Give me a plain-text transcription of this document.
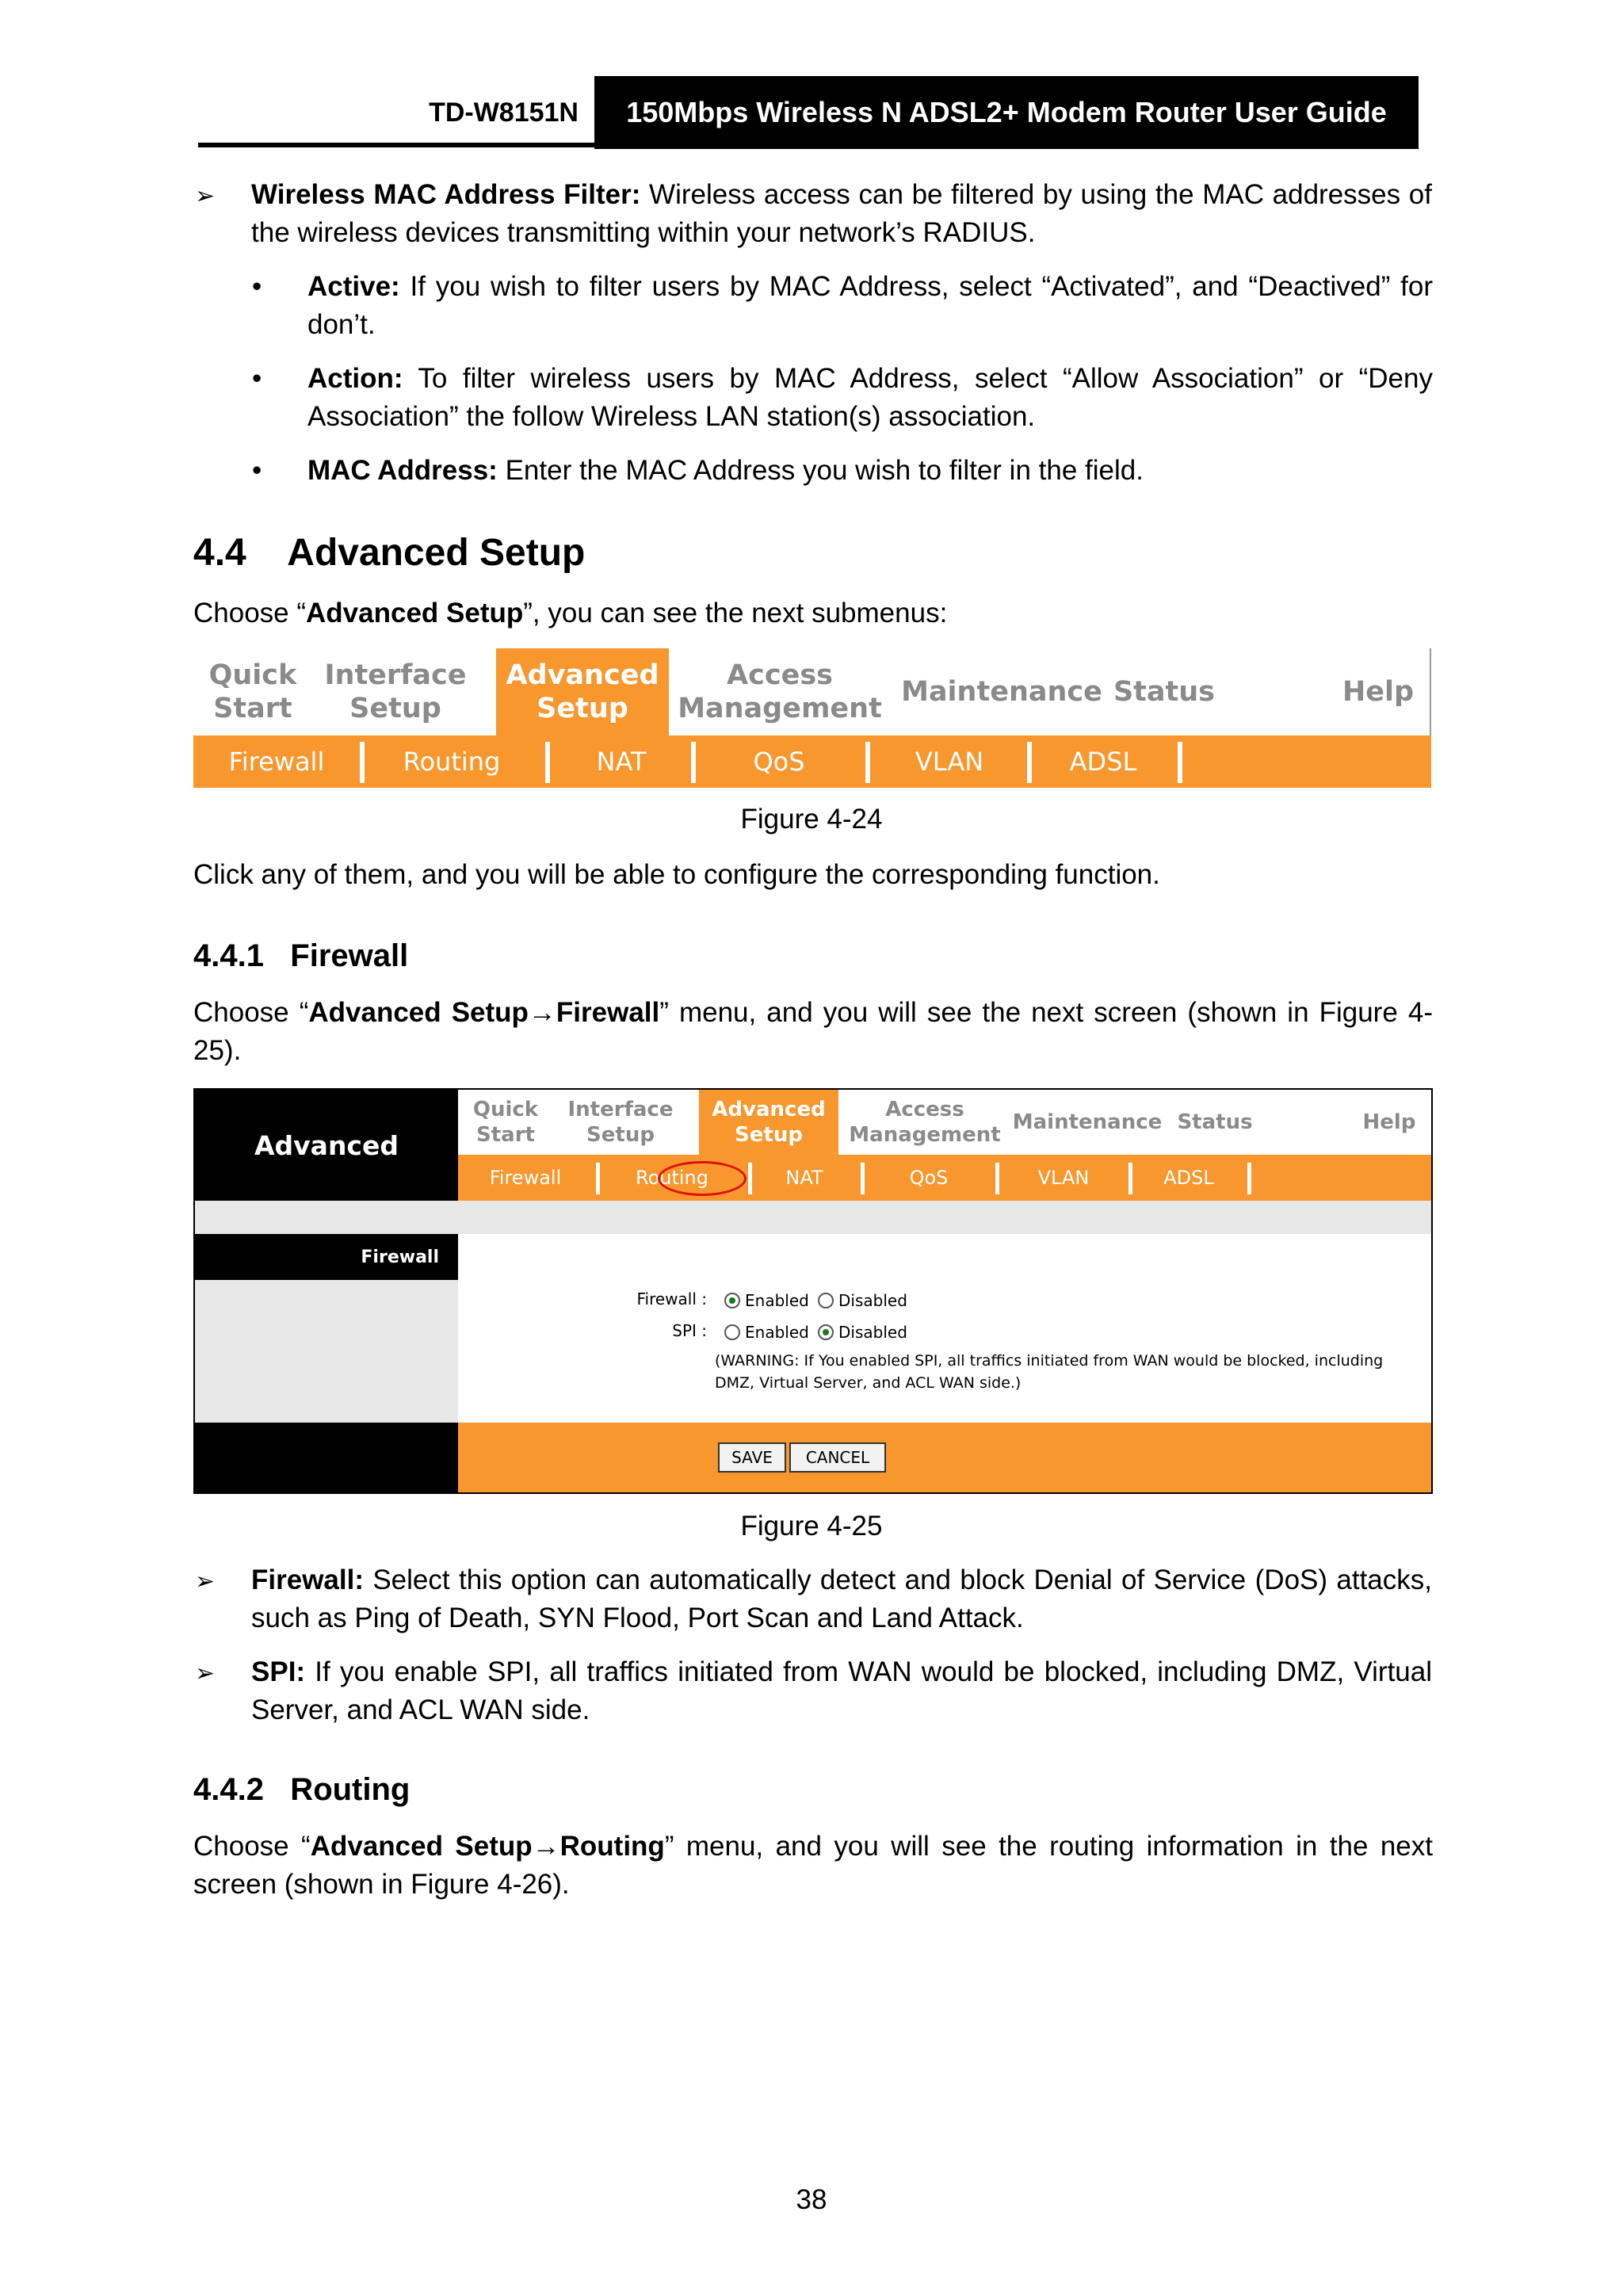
TD-W8151N	150Mbps Wireless N ADSL2+ Modem Router User Guide
➢ Wireless MAC Address Filter: Wireless access can be filtered by using the MAC addresses of the wireless devices transmitting within your network’s RADIUS.
• Active: If you wish to filter users by MAC Address, select “Activated”, and “Deactived” for don’t.
• Action: To filter wireless users by MAC Address, select “Allow Association” or “Deny Association” the follow Wireless LAN station(s) association.
• MAC Address: Enter the MAC Address you wish to filter in the field.
4.4    Advanced Setup
Choose “Advanced Setup”, you can see the next submenus:
Quick
Start
Interface
Setup
Advanced
Setup
Access
Management
Maintenance Status	Help
Firewall	Routing	NAT	QoS	VLAN	ADSL
Figure 4-24
Click any of them, and you will be able to configure the corresponding function.
4.4.1   Firewall
Choose “Advanced Setup→Firewall” menu, and you will see the next screen (shown in Figure 4-25).
Advanced
Quick
Start
Interface
Setup
Advanced
Setup
Access
Management
Maintenance Status	Help
Firewall	Routing	NAT	QoS	VLAN	ADSL
Firewall
Firewall : Enabled Disabled
SPI : Enabled Disabled
(WARNING: If You enabled SPI, all traffics initiated from WAN would be blocked, including DMZ, Virtual Server, and ACL WAN side.)
SAVE	CANCEL
Figure 4-25
➢ Firewall: Select this option can automatically detect and block Denial of Service (DoS) attacks, such as Ping of Death, SYN Flood, Port Scan and Land Attack.
➢ SPI: If you enable SPI, all traffics initiated from WAN would be blocked, including DMZ, Virtual Server, and ACL WAN side.
4.4.2   Routing
Choose “Advanced Setup→Routing” menu, and you will see the routing information in the next screen (shown in Figure 4-26).
38
